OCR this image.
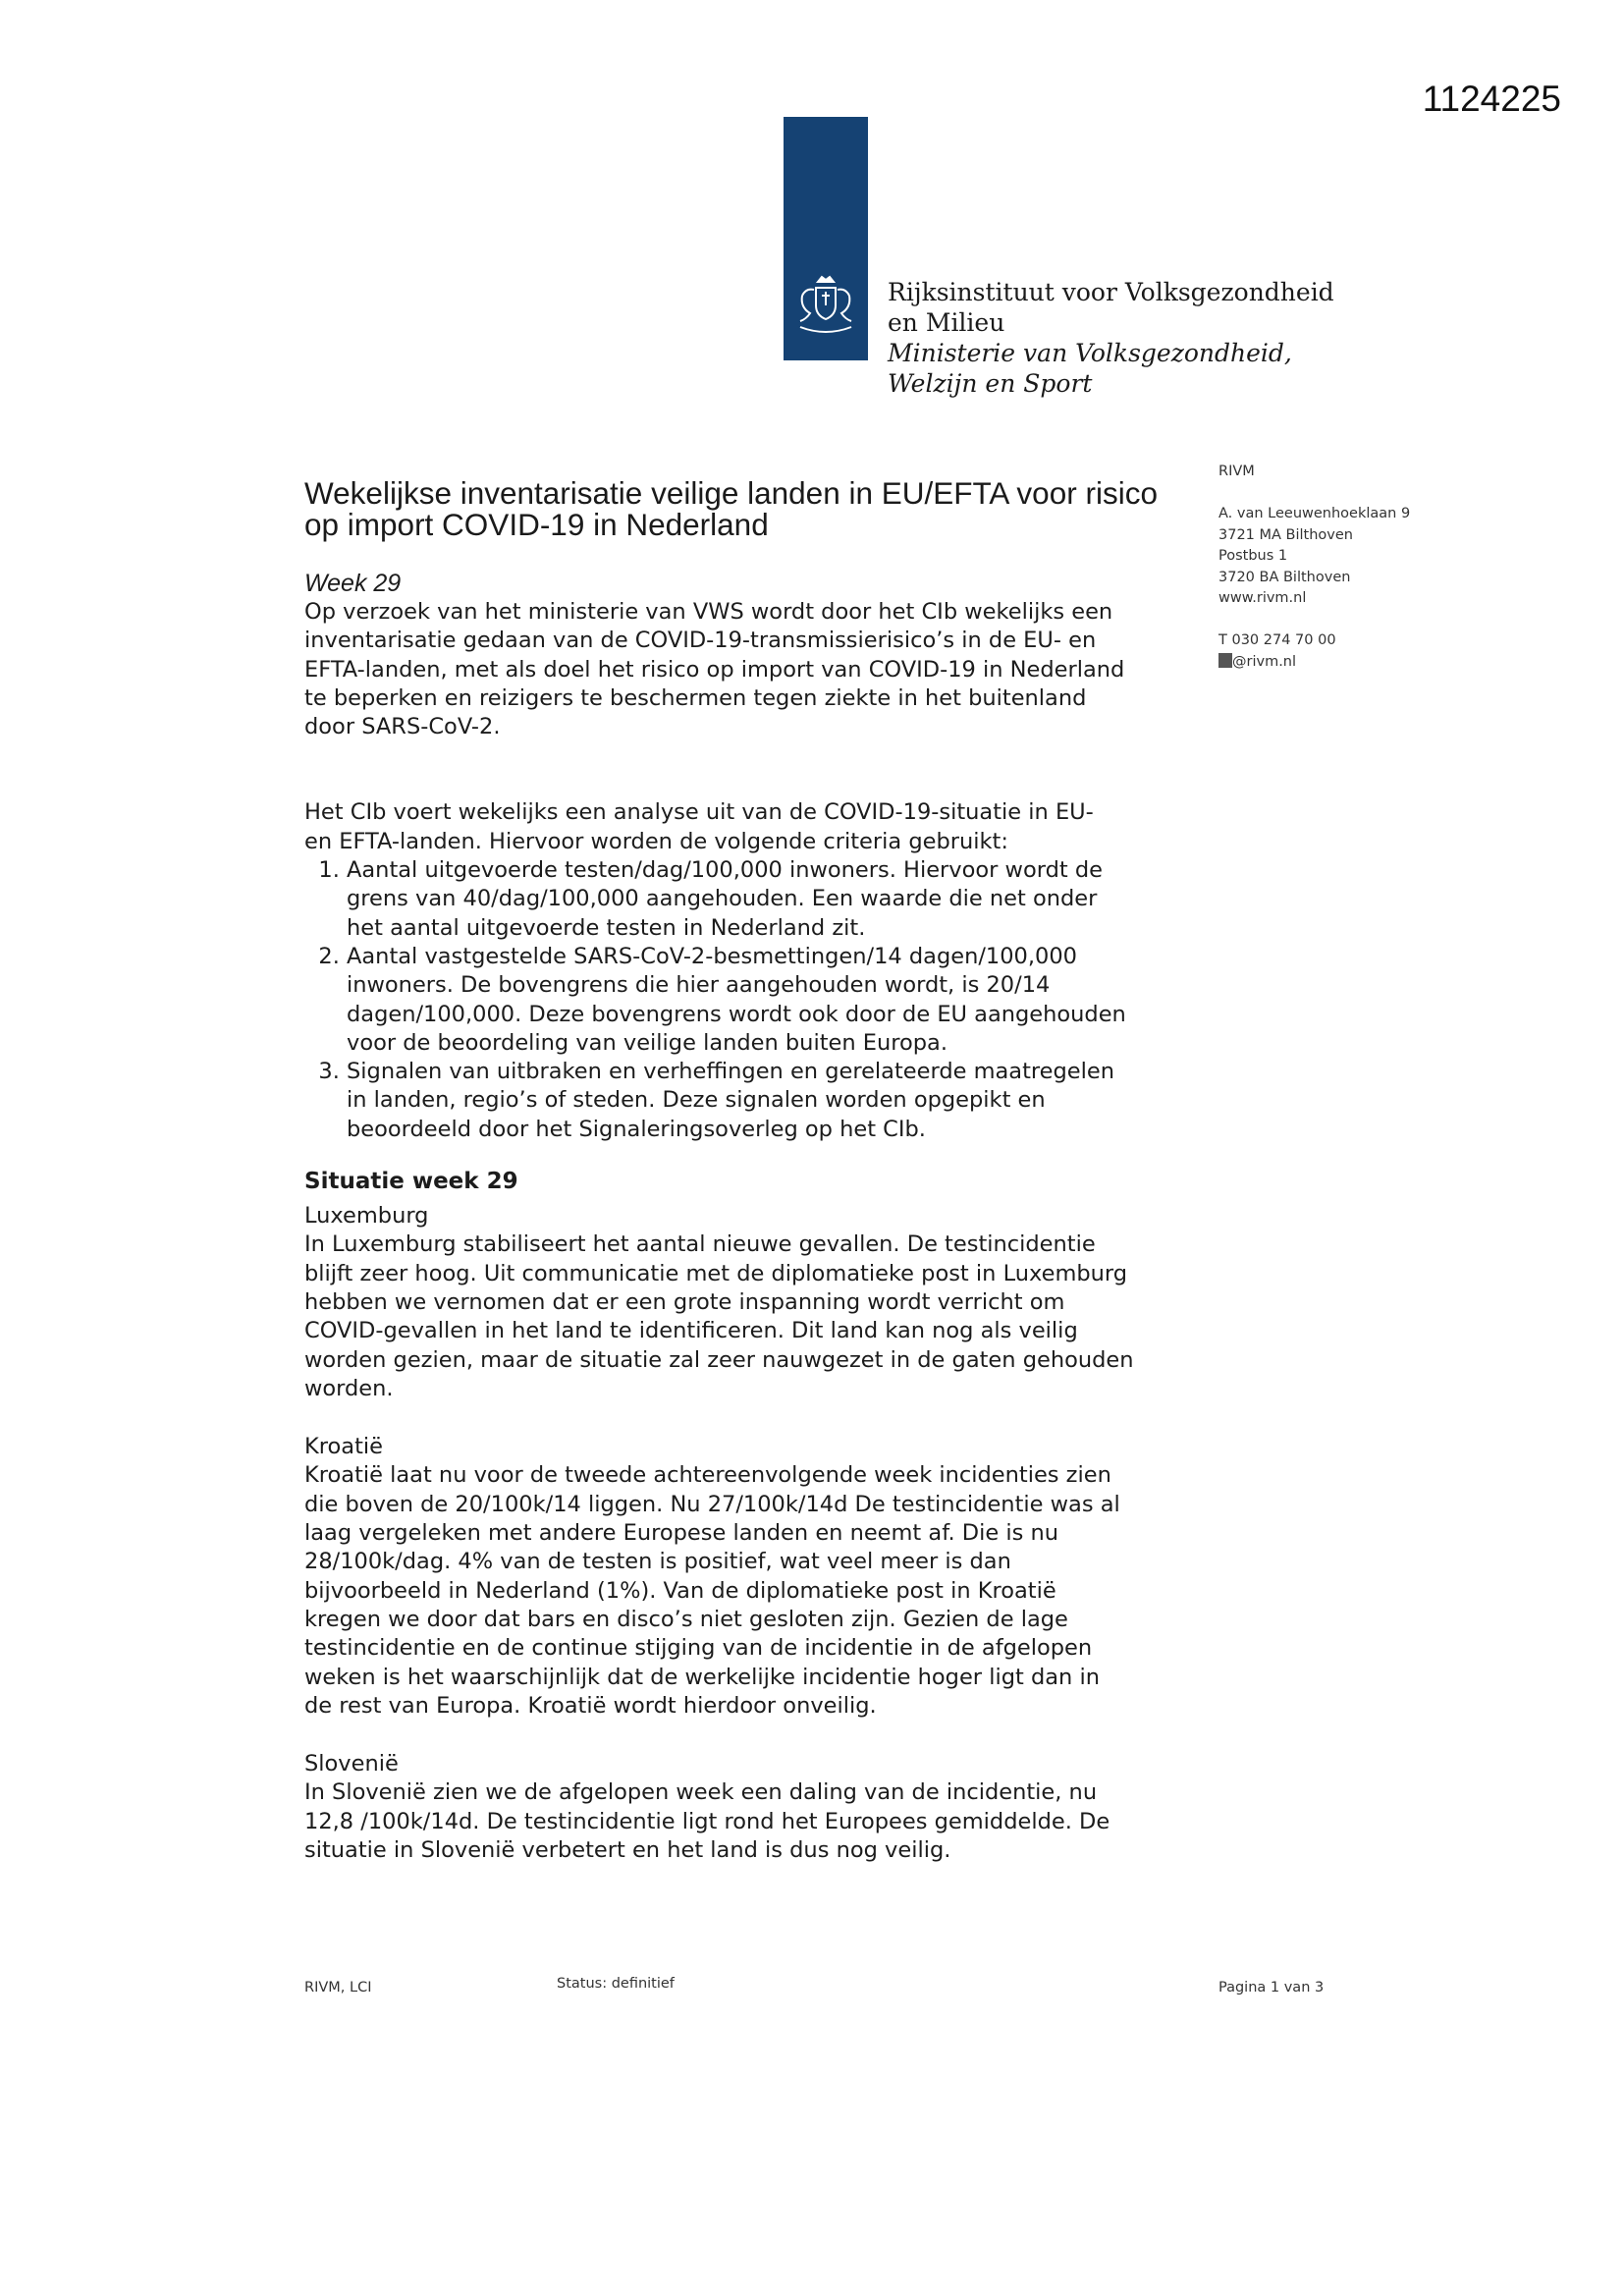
1124225
Rijksinstituut voor Volksgezondheid
en Milieu
Ministerie van Volksgezondheid,
Welzijn en Sport
RIVM
A. van Leeuwenhoeklaan 9
3721 MA Bilthoven
Postbus 1
3720 BA Bilthoven
www.rivm.nl
T 030 274 70 00
@rivm.nl
Wekelijkse inventarisatie veilige landen in EU/EFTA voor risico
op import COVID-19 in Nederland
Week 29

Op verzoek van het ministerie van VWS wordt door het CIb wekelijks een

inventarisatie gedaan van de COVID-19-transmissierisico’s in de EU- en

EFTA-landen, met als doel het risico op import van COVID-19 in Nederland

te beperken en reizigers te beschermen tegen ziekte in het buitenland

door SARS-CoV-2.

Het CIb voert wekelijks een analyse uit van de COVID-19-situatie in EU-

en EFTA-landen. Hiervoor worden de volgende criteria gebruikt:

1. Aantal uitgevoerde testen/dag/100,000 inwoners. Hiervoor wordt de
grens van 40/dag/100,000 aangehouden. Een waarde die net onder
het aantal uitgevoerde testen in Nederland zit.
2. Aantal vastgestelde SARS-CoV-2-besmettingen/14 dagen/100,000
inwoners. De bovengrens die hier aangehouden wordt, is 20/14
dagen/100,000. Deze bovengrens wordt ook door de EU aangehouden
voor de beoordeling van veilige landen buiten Europa.
3. Signalen van uitbraken en verheffingen en gerelateerde maatregelen
in landen, regio’s of steden. Deze signalen worden opgepikt en
beoordeeld door het Signaleringsoverleg op het CIb.
Situatie week 29
Luxemburg

In Luxemburg stabiliseert het aantal nieuwe gevallen. De testincidentie

blijft zeer hoog. Uit communicatie met de diplomatieke post in Luxemburg

hebben we vernomen dat er een grote inspanning wordt verricht om

COVID-gevallen in het land te identificeren. Dit land kan nog als veilig

worden gezien, maar de situatie zal zeer nauwgezet in de gaten gehouden

worden.

Kroatië

Kroatië laat nu voor de tweede achtereenvolgende week incidenties zien

die boven de 20/100k/14 liggen. Nu 27/100k/14d De testincidentie was al

laag vergeleken met andere Europese landen en neemt af. Die is nu

28/100k/dag. 4% van de testen is positief, wat veel meer is dan

bijvoorbeeld in Nederland (1%). Van de diplomatieke post in Kroatië

kregen we door dat bars en disco’s niet gesloten zijn. Gezien de lage

testincidentie en de continue stijging van de incidentie in de afgelopen

weken is het waarschijnlijk dat de werkelijke incidentie hoger ligt dan in

de rest van Europa. Kroatië wordt hierdoor onveilig.

Slovenië

In Slovenië zien we de afgelopen week een daling van de incidentie, nu

12,8 /100k/14d. De testincidentie ligt rond het Europees gemiddelde. De

situatie in Slovenië verbetert en het land is dus nog veilig.

RIVM, LCI	Status: definitief	Pagina 1 van 3
